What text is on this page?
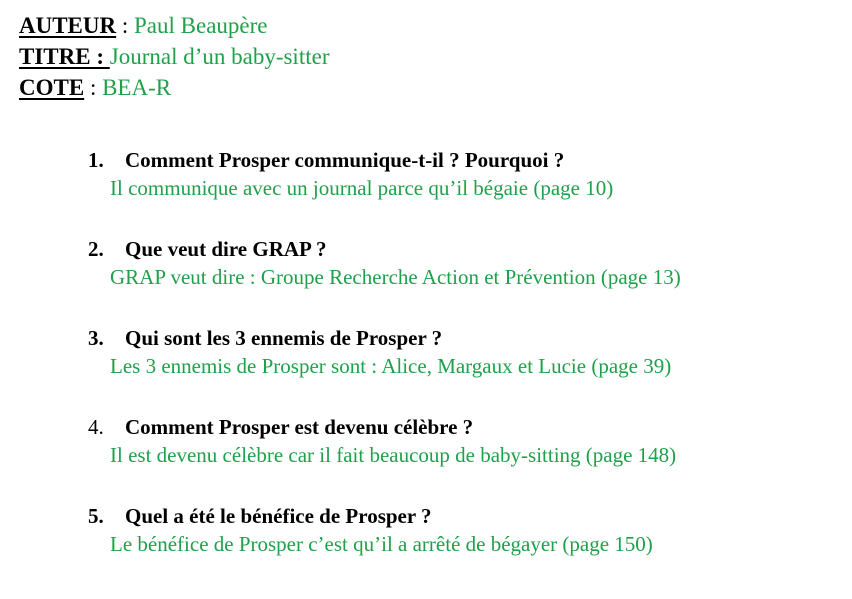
AUTEUR : Paul Beaupère
TITRE : Journal d’un baby-sitter
COTE : BEA-R
1.	Comment Prosper communique-t-il ? Pourquoi ?
Il communique avec un journal parce qu’il bégaie (page 10)
2.	Que veut dire GRAP ?
GRAP veut dire : Groupe Recherche Action et Prévention (page 13)
3.	Qui sont les 3 ennemis de Prosper ?
Les 3 ennemis de Prosper sont : Alice, Margaux et Lucie (page 39)
4.	Comment Prosper est devenu célèbre ?
Il est devenu célèbre car il fait beaucoup de baby-sitting (page 148)
5.	Quel a été le bénéfice de Prosper ?
Le bénéfice de Prosper c’est qu’il a arrêté de bégayer (page 150)
